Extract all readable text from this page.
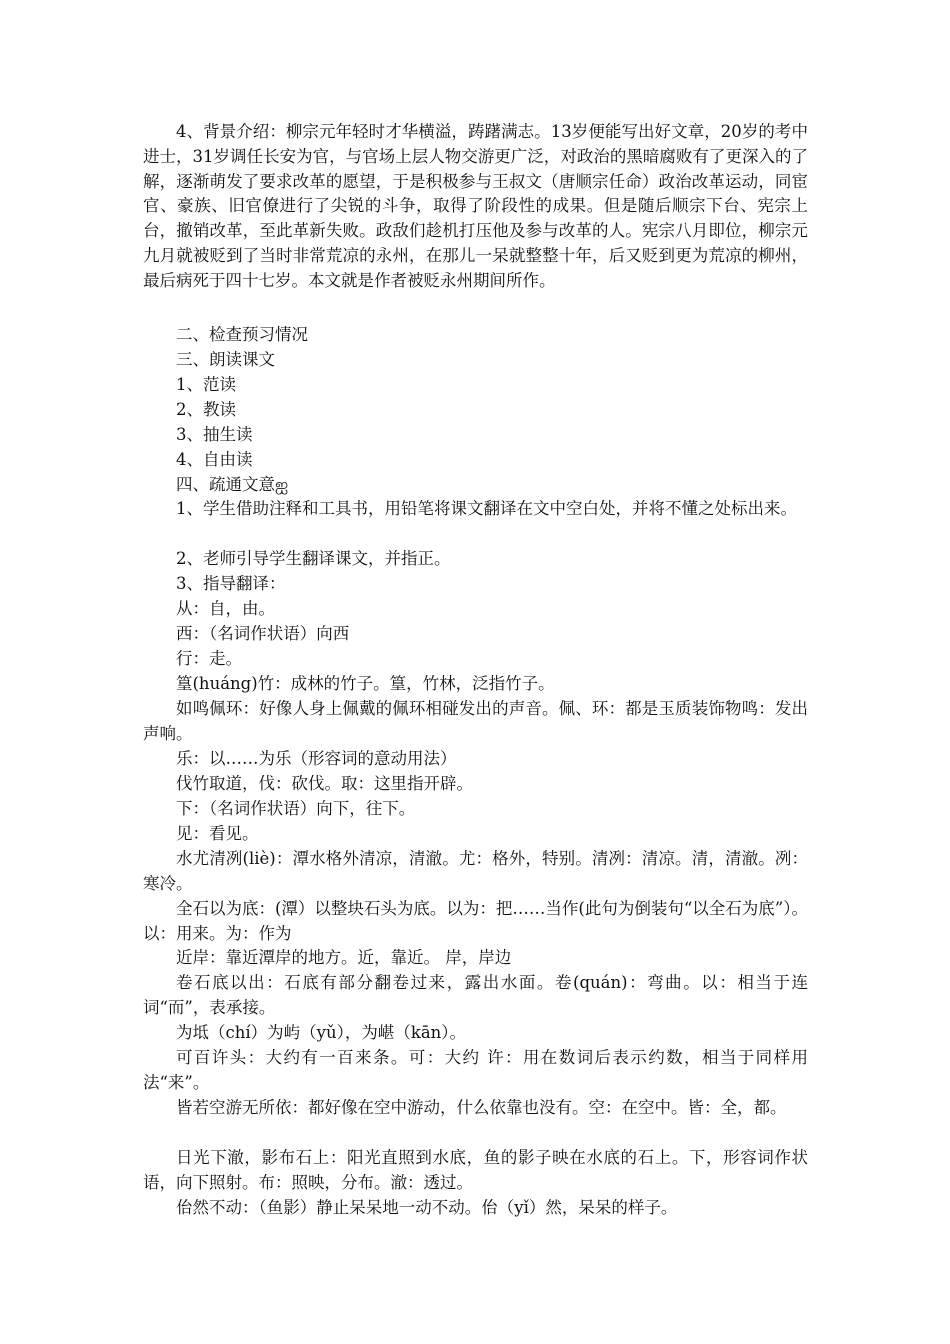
4、背景介绍：柳宗元年轻时才华横溢，踌躇满志。13岁便能写出好文章，20岁的考中进士，31岁调任长安为官，与官场上层人物交游更广泛，对政治的黑暗腐败有了更深入的了解，逐渐萌发了要求改革的愿望，于是积极参与王叔文（唐顺宗任命）政治改革运动，同宦官、豪族、旧官僚进行了尖锐的斗争，取得了阶段性的成果。但是随后顺宗下台、宪宗上台，撤销改革，至此革新失败。政敌们趁机打压他及参与改革的人。宪宗八月即位，柳宗元九月就被贬到了当时非常荒凉的永州，在那儿一呆就整整十年，后又贬到更为荒凉的柳州，最后病死于四十七岁。本文就是作者被贬永州期间所作。

二、检查预习情况

三、朗读课文

1、范读

2、教读

3、抽生读

4、自由读

四、疏通文意ஐ

1、学生借助注释和工具书，用铅笔将课文翻译在文中空白处，并将不懂之处标出来。

2、老师引导学生翻译课文，并指正。

3、指导翻译：

从：自，由。

西：（名词作状语）向西

行：走。

篁(huáng)竹：成林的竹子。篁，竹林，泛指竹子。

如鸣佩环：好像人身上佩戴的佩环相碰发出的声音。佩、环：都是玉质装饰物鸣：发出声响。

乐：以……为乐（形容词的意动用法）

伐竹取道，伐：砍伐。取：这里指开辟。

下：（名词作状语）向下，往下。

见：看见。

水尤清冽(liè)：潭水格外清凉，清澈。尤：格外，特别。清冽：清凉。清，清澈。冽：寒冷。

全石以为底：(潭）以整块石头为底。以为：把……当作(此句为倒装句“以全石为底”）。以：用来。为：作为

近岸：靠近潭岸的地方。近，靠近。 岸，岸边

卷石底以出：石底有部分翻卷过来，露出水面。卷(quán)：弯曲。以：相当于连词“而”，表承接。

为坻（chí）为屿（yǔ），为嵁（kān）。

可百许头：大约有一百来条。可：大约 许：用在数词后表示约数，相当于同样用法“来”。

皆若空游无所依：都好像在空中游动，什么依靠也没有。空：在空中。皆：全，都。

日光下澈，影布石上：阳光直照到水底，鱼的影子映在水底的石上。下，形容词作状语，向下照射。布：照映，分布。澈：透过。

佁然不动：（鱼影）静止呆呆地一动不动。佁（yǐ）然，呆呆的样子。
